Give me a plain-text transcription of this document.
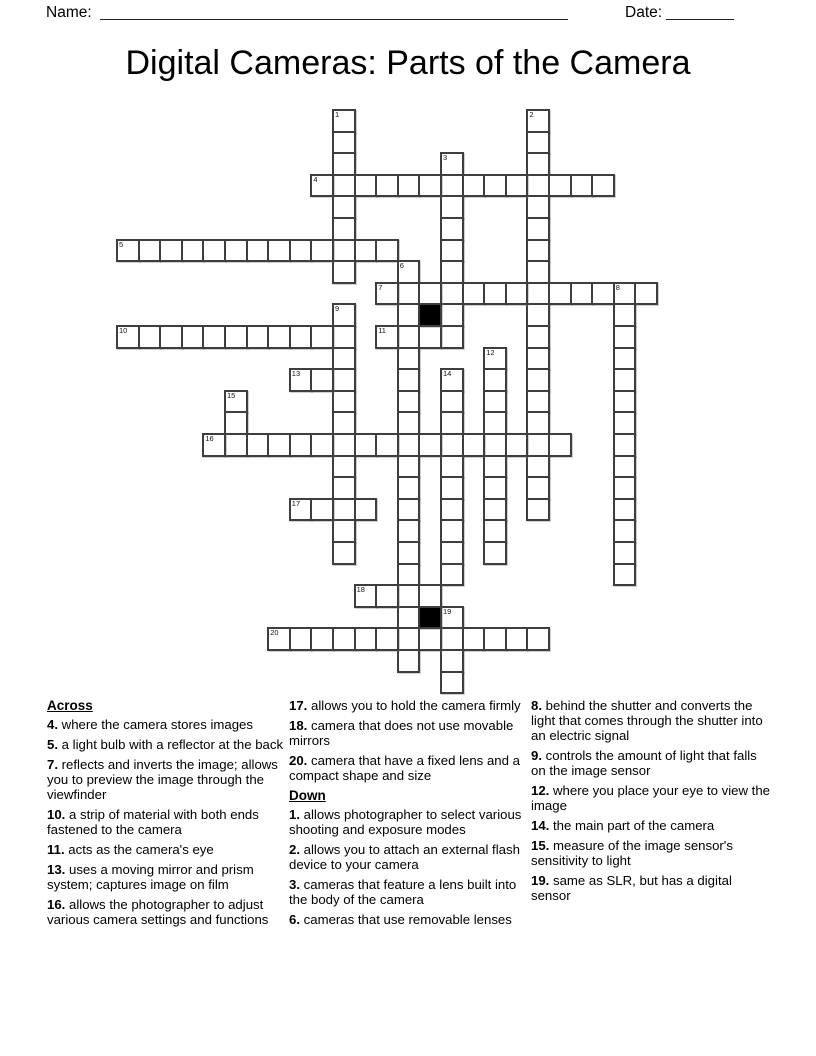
Name:	Date:
Digital Cameras: Parts of the Camera
1	2
3
4
5
6
7	8
9
10	11
12
13	14
15
16
17
18
19
20
Across
4. where the camera stores images
5. a light bulb with a reflector at the back
7. reflects and inverts the image; allows you to preview the image through the viewfinder
10. a strip of material with both ends fastened to the camera
11. acts as the camera's eye
13. uses a moving mirror and prism system; captures image on film
16. allows the photographer to adjust various camera settings and functions
17. allows you to hold the camera firmly
18. camera that does not use movable mirrors
20. camera that have a fixed lens and a compact shape and size
Down
1. allows photographer to select various shooting and exposure modes
2. allows you to attach an external flash device to your camera
3. cameras that feature a lens built into the body of the camera
6. cameras that use removable lenses
8. behind the shutter and converts the light that comes through the shutter into an electric signal
9. controls the amount of light that falls on the image sensor
12. where you place your eye to view the image
14. the main part of the camera
15. measure of the image sensor's sensitivity to light
19. same as SLR, but has a digital sensor
